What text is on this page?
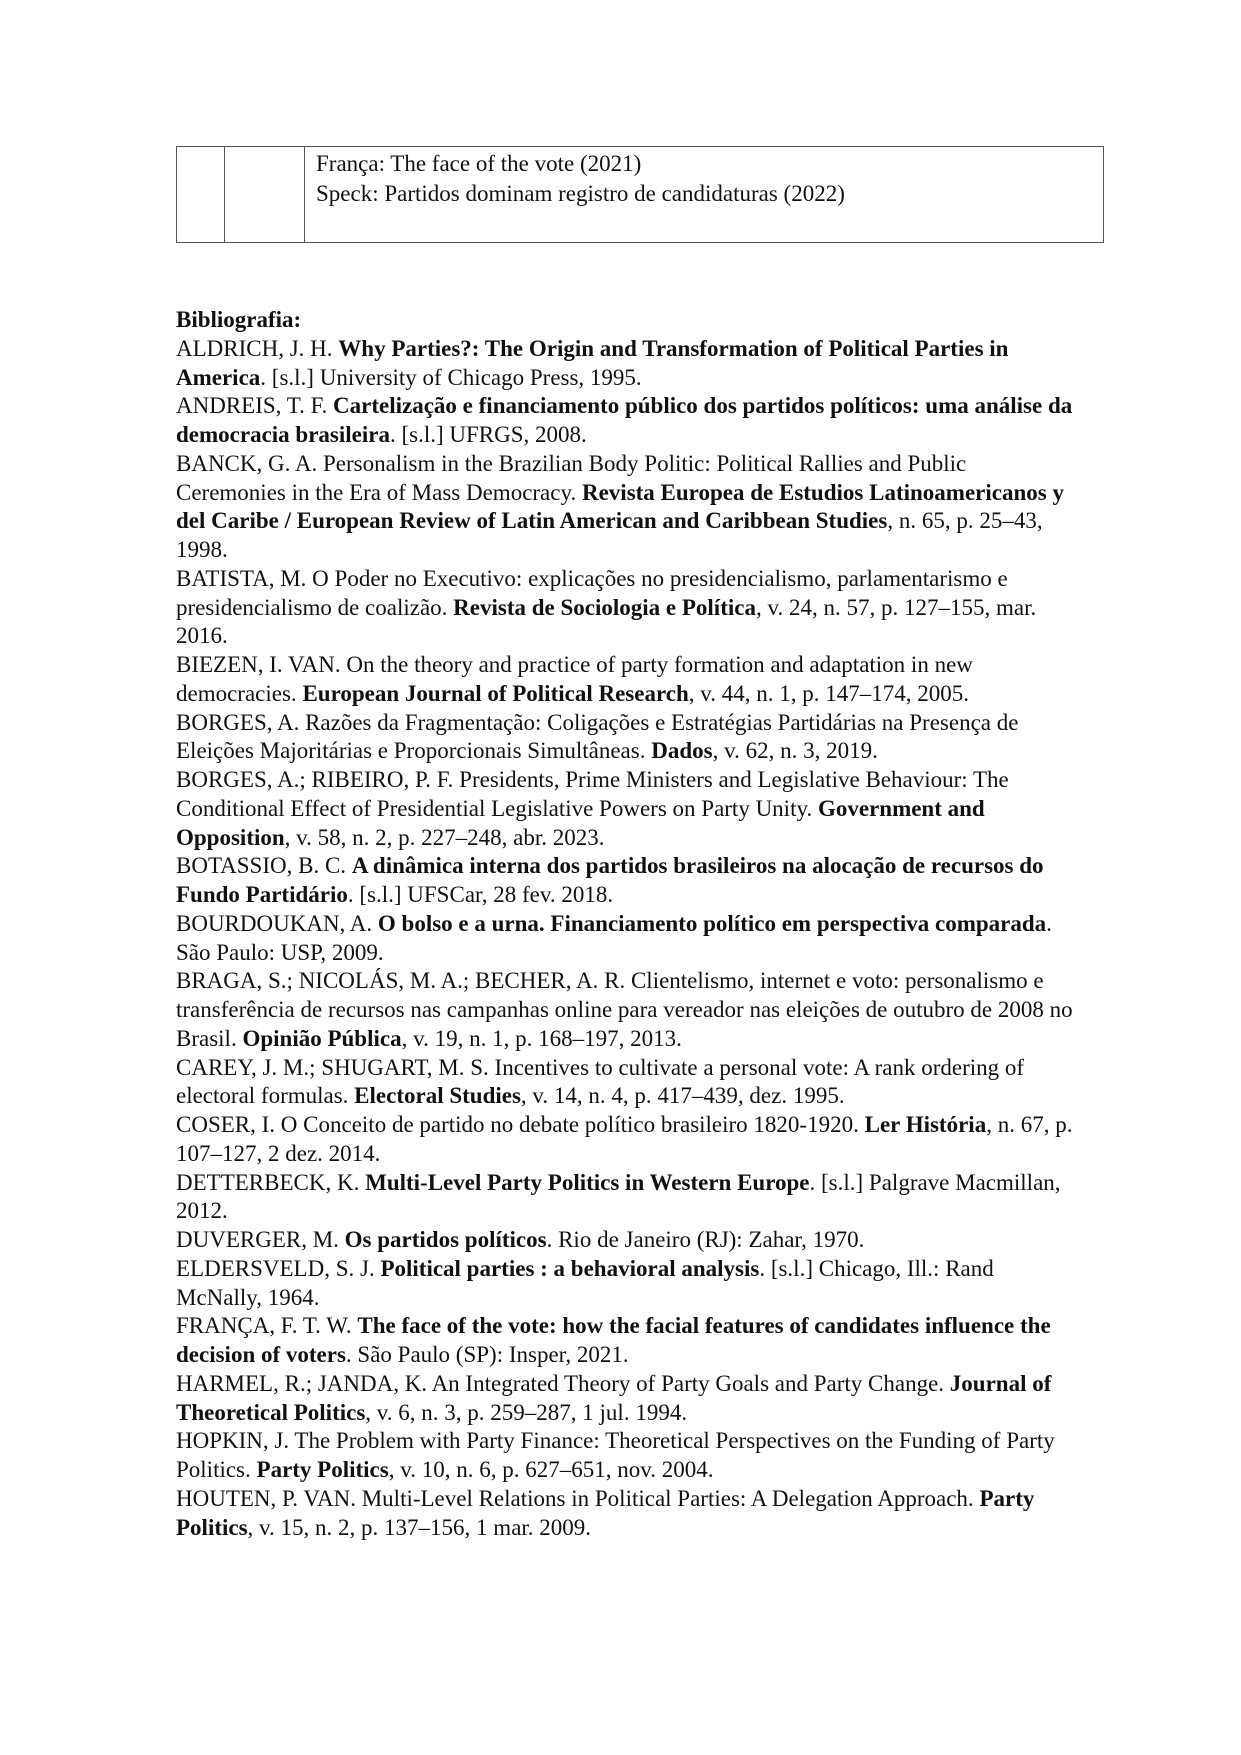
França: The face of the vote (2021)
Speck: Partidos dominam registro de candidaturas (2022)
Bibliografia:

ALDRICH, J. H. Why Parties?: The Origin and Transformation of Political Parties in America. [s.l.] University of Chicago Press, 1995.

ANDREIS, T. F. Cartelização e financiamento público dos partidos políticos: uma análise da democracia brasileira. [s.l.] UFRGS, 2008.

BANCK, G. A. Personalism in the Brazilian Body Politic: Political Rallies and Public Ceremonies in the Era of Mass Democracy. Revista Europea de Estudios Latinoamericanos y del Caribe / European Review of Latin American and Caribbean Studies, n. 65, p. 25–43, 1998.

BATISTA, M. O Poder no Executivo: explicações no presidencialismo, parlamentarismo e presidencialismo de coalizão. Revista de Sociologia e Política, v. 24, n. 57, p. 127–155, mar. 2016.

BIEZEN, I. VAN. On the theory and practice of party formation and adaptation in new democracies. European Journal of Political Research, v. 44, n. 1, p. 147–174, 2005.

BORGES, A. Razões da Fragmentação: Coligações e Estratégias Partidárias na Presença de Eleições Majoritárias e Proporcionais Simultâneas. Dados, v. 62, n. 3, 2019.

BORGES, A.; RIBEIRO, P. F. Presidents, Prime Ministers and Legislative Behaviour: The Conditional Effect of Presidential Legislative Powers on Party Unity. Government and Opposition, v. 58, n. 2, p. 227–248, abr. 2023.

BOTASSIO, B. C. A dinâmica interna dos partidos brasileiros na alocação de recursos do Fundo Partidário. [s.l.] UFSCar, 28 fev. 2018.

BOURDOUKAN, A. O bolso e a urna. Financiamento político em perspectiva comparada. São Paulo: USP, 2009.

BRAGA, S.; NICOLÁS, M. A.; BECHER, A. R. Clientelismo, internet e voto: personalismo e transferência de recursos nas campanhas online para vereador nas eleições de outubro de 2008 no Brasil. Opinião Pública, v. 19, n. 1, p. 168–197, 2013.

CAREY, J. M.; SHUGART, M. S. Incentives to cultivate a personal vote: A rank ordering of electoral formulas. Electoral Studies, v. 14, n. 4, p. 417–439, dez. 1995.

COSER, I. O Conceito de partido no debate político brasileiro 1820-1920. Ler História, n. 67, p. 107–127, 2 dez. 2014.

DETTERBECK, K. Multi-Level Party Politics in Western Europe. [s.l.] Palgrave Macmillan, 2012.

DUVERGER, M. Os partidos políticos. Rio de Janeiro (RJ): Zahar, 1970.

ELDERSVELD, S. J. Political parties : a behavioral analysis. [s.l.] Chicago, Ill.: Rand McNally, 1964.

FRANÇA, F. T. W. The face of the vote: how the facial features of candidates influence the decision of voters. São Paulo (SP): Insper, 2021.

HARMEL, R.; JANDA, K. An Integrated Theory of Party Goals and Party Change. Journal of Theoretical Politics, v. 6, n. 3, p. 259–287, 1 jul. 1994.

HOPKIN, J. The Problem with Party Finance: Theoretical Perspectives on the Funding of Party Politics. Party Politics, v. 10, n. 6, p. 627–651, nov. 2004.

HOUTEN, P. VAN. Multi-Level Relations in Political Parties: A Delegation Approach. Party Politics, v. 15, n. 2, p. 137–156, 1 mar. 2009.
